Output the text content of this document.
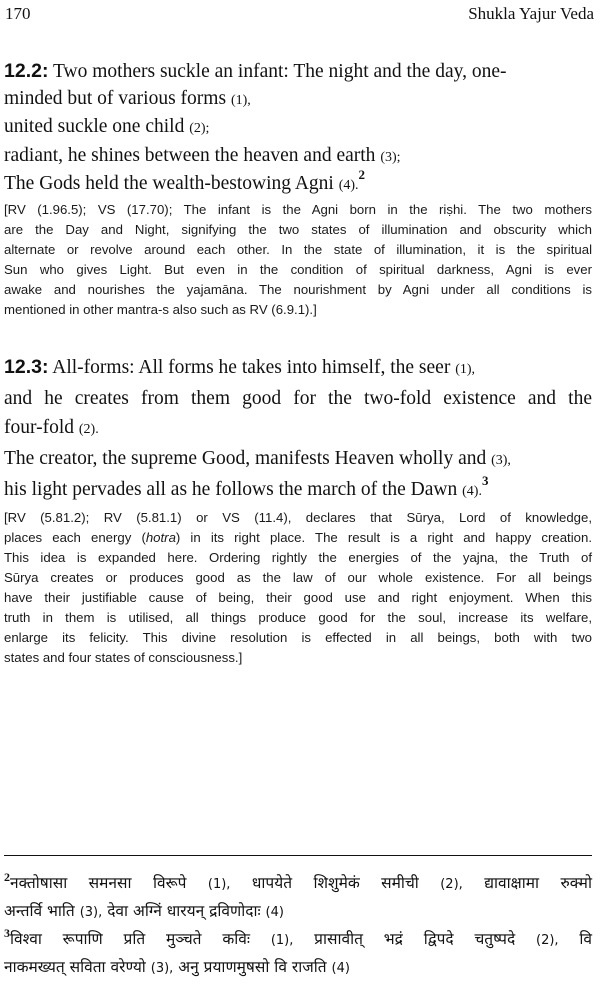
170	Shukla Yajur Veda
12.2: Two mothers suckle an infant: The night and the day, one-
minded but of various forms (1),
united suckle one child (2);
radiant, he shines between the heaven and earth (3);
The Gods held the wealth-bestowing Agni (4).$^2$
[RV (1.96.5); VS (17.70); The infant is the Agni born in the riṣhi. The two mothers
are the Day and Night, signifying the two states of illumination and obscurity which
alternate or revolve around each other. In the state of illumination, it is the spiritual
Sun who gives Light. But even in the condition of spiritual darkness, Agni is ever
awake and nourishes the yajamāna. The nourishment by Agni under all conditions is
mentioned in other mantra-s also such as RV (6.9.1).]
12.3: All-forms: All forms he takes into himself, the seer (1),
and he creates from them good for the two-fold existence and the
four-fold (2).
The creator, the supreme Good, manifests Heaven wholly and (3),
his light pervades all as he follows the march of the Dawn (4).$^3$
[RV (5.81.2); RV (5.81.1) or VS (11.4), declares that Sūrya, Lord of knowledge,
places each energy (hotra) in its right place. The result is a right and happy creation.
This idea is expanded here. Ordering rightly the energies of the yajna, the Truth of
Sūrya creates or produces good as the law of our whole existence. For all beings
have their justifiable cause of being, their good use and right enjoyment. When this
truth in them is utilised, all things produce good for the soul, increase its welfare,
enlarge its felicity. This divine resolution is effected in all beings, both with two
states and four states of consciousness.]
$^2$नक्तोषासा समनसा विरूपे (1), धापयेते शिशुमेकं समीची (2), द्यावाक्षामा रुक्मो
अन्तर्वि भाति (3), देवा अग्निं धारयन् द्रविणोदाः (4)
$^3$विश्वा रूपाणि प्रति मुञ्चते कविः (1), प्रासावीत् भद्रं द्विपदे चतुष्पदे (2), वि
नाकमख्यत् सविता वरेण्यो (3), अनु प्रयाणमुषसो वि राजति (4)
